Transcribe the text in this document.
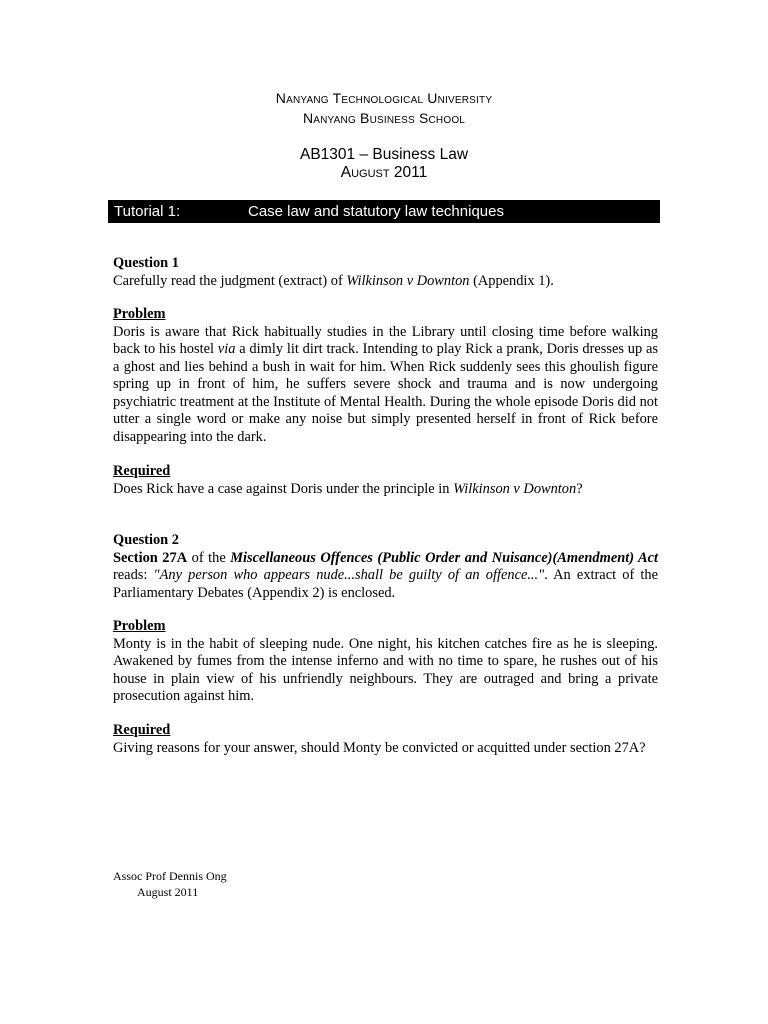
Nanyang Technological University
Nanyang Business School
AB1301 – Business Law
August 2011
Tutorial 1:	Case law and statutory law techniques
Question 1
Carefully read the judgment (extract) of Wilkinson v Downton (Appendix 1).
Problem
Doris is aware that Rick habitually studies in the Library until closing time before walking back to his hostel via a dimly lit dirt track. Intending to play Rick a prank, Doris dresses up as a ghost and lies behind a bush in wait for him. When Rick suddenly sees this ghoulish figure spring up in front of him, he suffers severe shock and trauma and is now undergoing psychiatric treatment at the Institute of Mental Health. During the whole episode Doris did not utter a single word or make any noise but simply presented herself in front of Rick before disappearing into the dark.
Required
Does Rick have a case against Doris under the principle in Wilkinson v Downton?
Question 2
Section 27A of the Miscellaneous Offences (Public Order and Nuisance)(Amendment) Act reads: "Any person who appears nude...shall be guilty of an offence...". An extract of the Parliamentary Debates (Appendix 2) is enclosed.
Problem
Monty is in the habit of sleeping nude. One night, his kitchen catches fire as he is sleeping. Awakened by fumes from the intense inferno and with no time to spare, he rushes out of his house in plain view of his unfriendly neighbours. They are outraged and bring a private prosecution against him.
Required
Giving reasons for your answer, should Monty be convicted or acquitted under section 27A?
Assoc Prof Dennis Ong
August 2011
